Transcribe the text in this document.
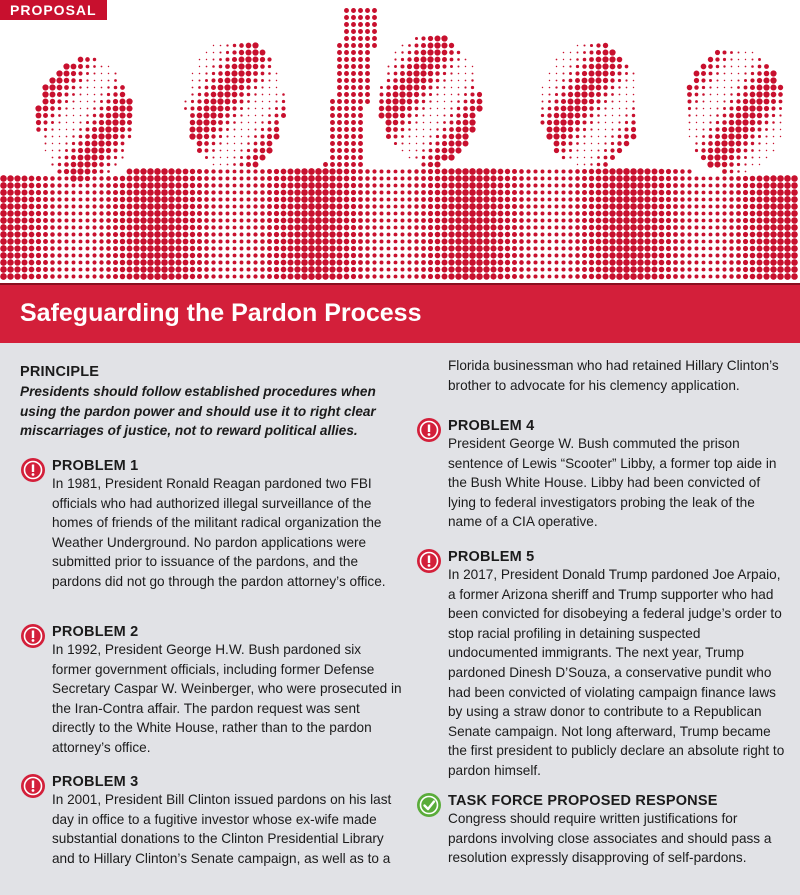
PROPOSAL
Safeguarding the Pardon Process
PRINCIPLE
Presidents should follow established procedures when using the pardon power and should use it to right clear miscarriages of justice, not to reward political allies.
PROBLEM 1
In 1981, President Ronald Reagan pardoned two FBI officials who had authorized illegal surveillance of the homes of friends of the militant radical organization the Weather Underground. No pardon applications were submitted prior to issuance of the pardons, and the pardons did not go through the pardon attorney’s office.
PROBLEM 2
In 1992, President George H.W. Bush pardoned six former government officials, including former Defense Secretary Caspar W. Weinberger, who were prosecuted in the Iran-Contra affair. The pardon request was sent directly to the White House, rather than to the pardon attorney’s office.
PROBLEM 3
In 2001, President Bill Clinton issued pardons on his last day in office to a fugitive investor whose ex-wife made substantial donations to the Clinton Presidential Library and to Hillary Clinton’s Senate campaign, as well as to a
Florida businessman who had retained Hillary Clinton’s brother to advocate for his clemency application.
PROBLEM 4
President George W. Bush commuted the prison sentence of Lewis “Scooter” Libby, a former top aide in the Bush White House. Libby had been convicted of lying to federal investigators probing the leak of the name of a CIA operative.
PROBLEM 5
In 2017, President Donald Trump pardoned Joe Arpaio, a former Arizona sheriff and Trump supporter who had been convicted for disobeying a federal judge’s order to stop racial profiling in detaining suspected undocumented immigrants. The next year, Trump pardoned Dinesh D’Souza, a conservative pundit who had been convicted of violating campaign finance laws by using a straw donor to contribute to a Republican Senate campaign. Not long afterward, Trump became the first president to publicly declare an absolute right to pardon himself.
TASK FORCE PROPOSED RESPONSE
Congress should require written justifications for pardons involving close associates and should pass a resolution expressly disapproving of self-pardons.
